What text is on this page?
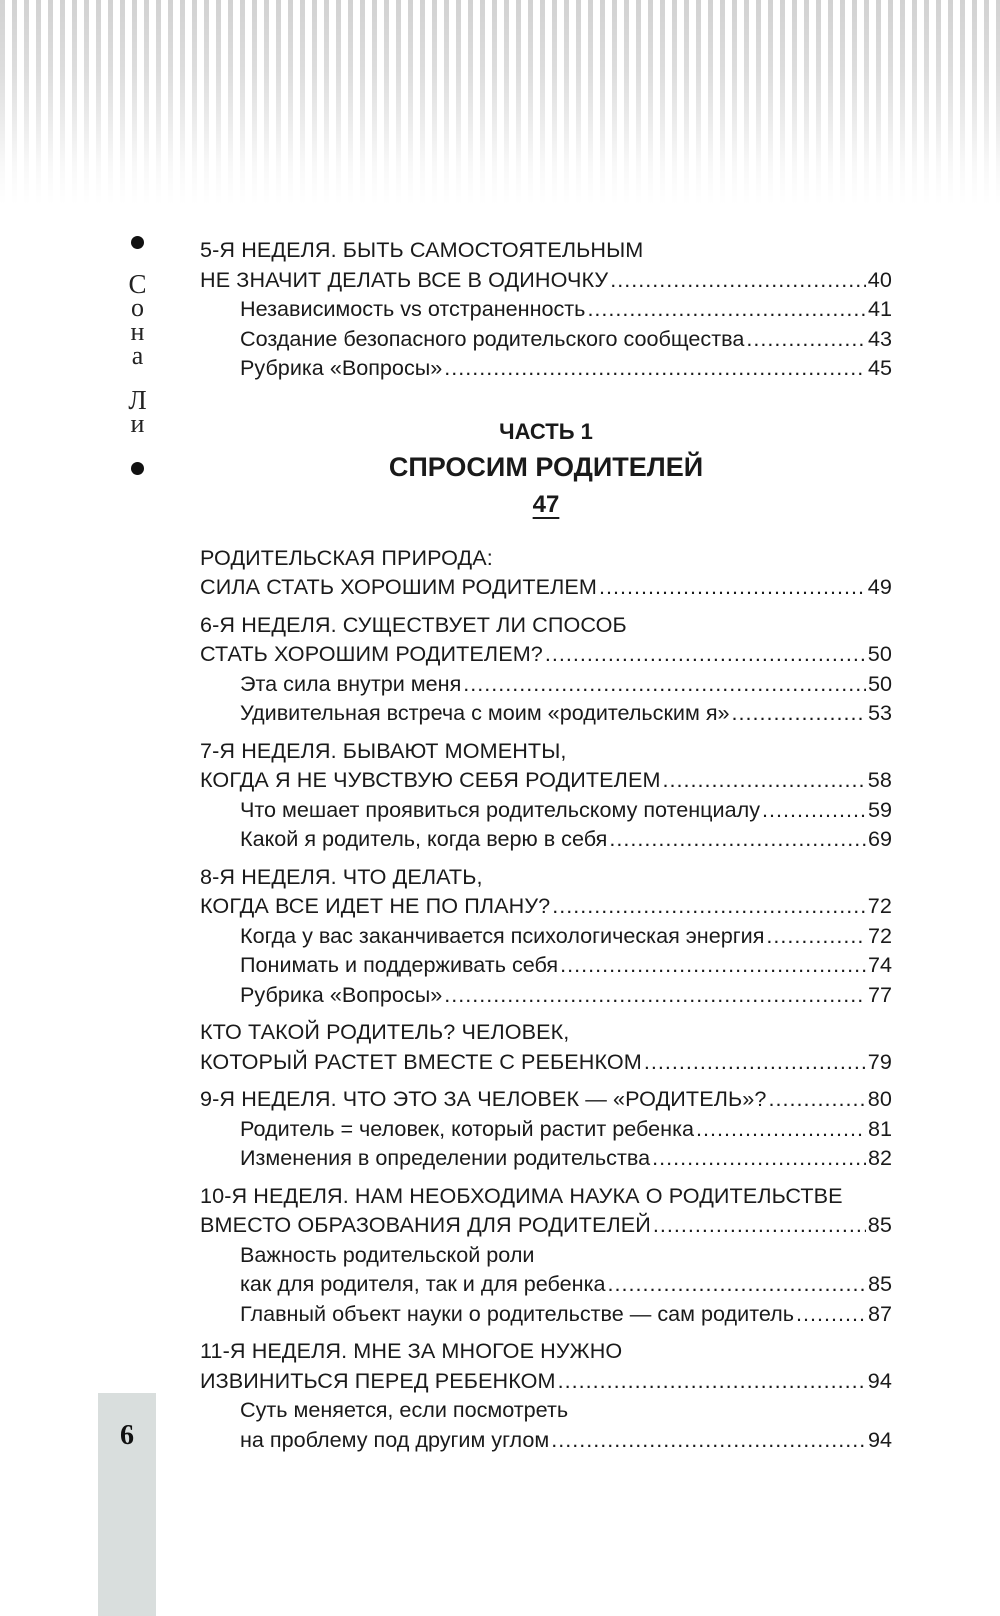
С
о
н
а
Л
и
6
5-Я НЕДЕЛЯ. БЫТЬ САМОСТОЯТЕЛЬНЫМ
НЕ ЗНАЧИТ ДЕЛАТЬ ВСЕ В ОДИНОЧКУ .....	40
Независимость vs отстраненность .....	41
Создание безопасного родительского сообщества .....	43
Рубрика «Вопросы» .....	45
ЧАСТЬ 1
СПРОСИМ РОДИТЕЛЕЙ
47
РОДИТЕЛЬСКАЯ ПРИРОДА:
СИЛА СТАТЬ ХОРОШИМ РОДИТЕЛЕМ .....	49
6-Я НЕДЕЛЯ. СУЩЕСТВУЕТ ЛИ СПОСОБ
СТАТЬ ХОРОШИМ РОДИТЕЛЕМ? .....	50
Эта сила внутри меня .....	50
Удивительная встреча с моим «родительским я» .....	53
7-Я НЕДЕЛЯ. БЫВАЮТ МОМЕНТЫ,
КОГДА Я НЕ ЧУВСТВУЮ СЕБЯ РОДИТЕЛЕМ .....	58
Что мешает проявиться родительскому потенциалу .....	59
Какой я родитель, когда верю в себя .....	69
8-Я НЕДЕЛЯ. ЧТО ДЕЛАТЬ,
КОГДА ВСЕ ИДЕТ НЕ ПО ПЛАНУ? .....	72
Когда у вас заканчивается психологическая энергия .....	72
Понимать и поддерживать себя .....	74
Рубрика «Вопросы» .....	77
КТО ТАКОЙ РОДИТЕЛЬ? ЧЕЛОВЕК,
КОТОРЫЙ РАСТЕТ ВМЕСТЕ С РЕБЕНКОМ .....	79
9-Я НЕДЕЛЯ. ЧТО ЭТО ЗА ЧЕЛОВЕК — «РОДИТЕЛЬ»? .....	80
Родитель = человек, который растит ребенка .....	81
Изменения в определении родительства .....	82
10-Я НЕДЕЛЯ. НАМ НЕОБХОДИМА НАУКА О РОДИТЕЛЬСТВЕ
ВМЕСТО ОБРАЗОВАНИЯ ДЛЯ РОДИТЕЛЕЙ .....	85
Важность родительской роли
как для родителя, так и для ребенка .....	85
Главный объект науки о родительстве — сам родитель .....	87
11-Я НЕДЕЛЯ. МНЕ ЗА МНОГОЕ НУЖНО
ИЗВИНИТЬСЯ ПЕРЕД РЕБЕНКОМ .....	94
Суть меняется, если посмотреть
на проблему под другим углом .....	94
